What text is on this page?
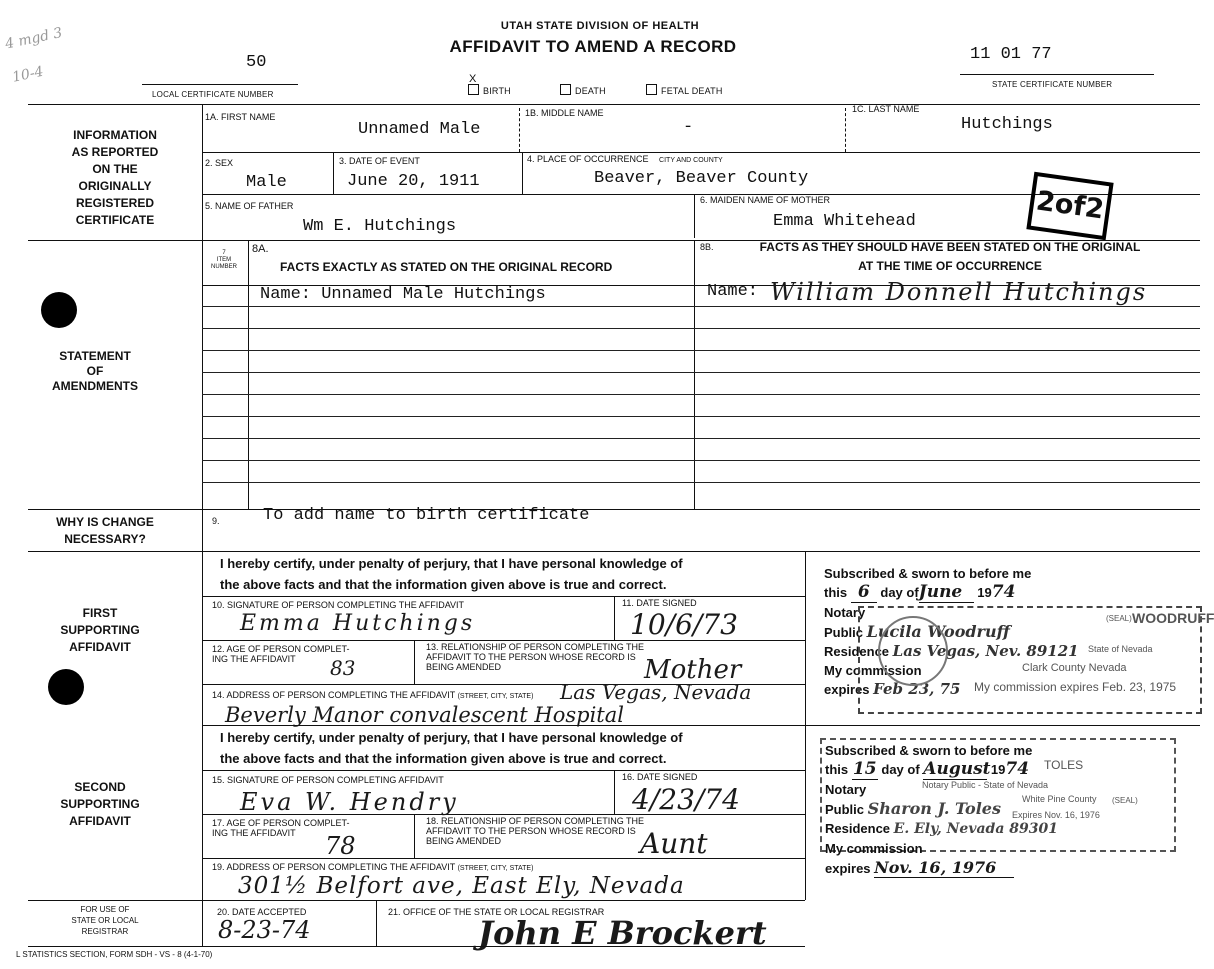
4 mgd 3
10-4
UTAH STATE DIVISION OF HEALTH
AFFIDAVIT TO AMEND A RECORD
50
LOCAL CERTIFICATE NUMBER
11 01 77
STATE CERTIFICATE NUMBER
X
BIRTH	DEATH	FETAL DEATH
INFORMATION
AS REPORTED
ON THE
ORIGINALLY
REGISTERED
CERTIFICATE
STATEMENT
OF
AMENDMENTS
WHY IS CHANGE
NECESSARY?
FIRST
SUPPORTING
AFFIDAVIT
SECOND
SUPPORTING
AFFIDAVIT
FOR USE OF
STATE OR LOCAL
REGISTRAR
1A. FIRST NAME
Unnamed Male
1B. MIDDLE NAME
-
1C. LAST NAME
Hutchings
2. SEX
Male
3. DATE OF EVENT
June 20, 1911
4. PLACE OF OCCURRENCE CITY AND COUNTY
Beaver, Beaver County
5. NAME OF FATHER
Wm E. Hutchings
6. MAIDEN NAME OF MOTHER
Emma Whitehead	2of2
7
ITEM
NUMBER
8A.
FACTS EXACTLY AS STATED ON THE ORIGINAL RECORD
8B.	FACTS AS THEY SHOULD HAVE BEEN STATED ON THE ORIGINAL
AT THE TIME OF OCCURRENCE
Name: Unnamed Male Hutchings	Name: William Donnell Hutchings
9.	To add name to birth certificate
I hereby certify, under penalty of perjury, that I have personal knowledge of
the above facts and that the information given above is true and correct.
10. SIGNATURE OF PERSON COMPLETING THE AFFIDAVIT
Emma Hutchings
11. DATE SIGNED
10/6/73
12. AGE OF PERSON COMPLET-
ING THE AFFIDAVIT	83
13. RELATIONSHIP OF PERSON COMPLETING THE
AFFIDAVIT TO THE PERSON WHOSE RECORD IS
BEING AMENDED	Mother
14. ADDRESS OF PERSON COMPLETING THE AFFIDAVIT (STREET, CITY, STATE) Las Vegas, Nevada
Beverly Manor convalescent Hospital
Subscribed & sworn to before me
this 6 day ofJune 1974
Notary
Public Lucila Woodruff
Residence Las Vegas, Nev. 89121
My commission
expires Feb 23, 75
WOODRUFF
(SEAL)
State of Nevada
Clark County Nevada
My commission expires Feb. 23, 1975
I hereby certify, under penalty of perjury, that I have personal knowledge of
the above facts and that the information given above is true and correct.
15. SIGNATURE OF PERSON COMPLETING AFFIDAVIT
Eva W. Hendry
16. DATE SIGNED
4/23/74
17. AGE OF PERSON COMPLET-
ING THE AFFIDAVIT	78
18. RELATIONSHIP OF PERSON COMPLETING THE
AFFIDAVIT TO THE PERSON WHOSE RECORD IS
BEING AMENDED	Aunt
19. ADDRESS OF PERSON COMPLETING THE AFFIDAVIT (STREET, CITY, STATE)
301½ Belfort ave, East Ely, Nevada
TOLES
Notary Public - State of Nevada
White Pine County (SEAL)
Expires Nov. 16, 1976
Subscribed & sworn to before me
this 15 day of August 1974
Notary
Public Sharon J. Toles
Residence E. Ely, Nevada 89301
My commission
expires Nov. 16, 1976
20. DATE ACCEPTED
8-23-74
21. OFFICE OF THE STATE OR LOCAL REGISTRAR
John E Brockert
L STATISTICS SECTION, FORM SDH - VS - 8 (4-1-70)
